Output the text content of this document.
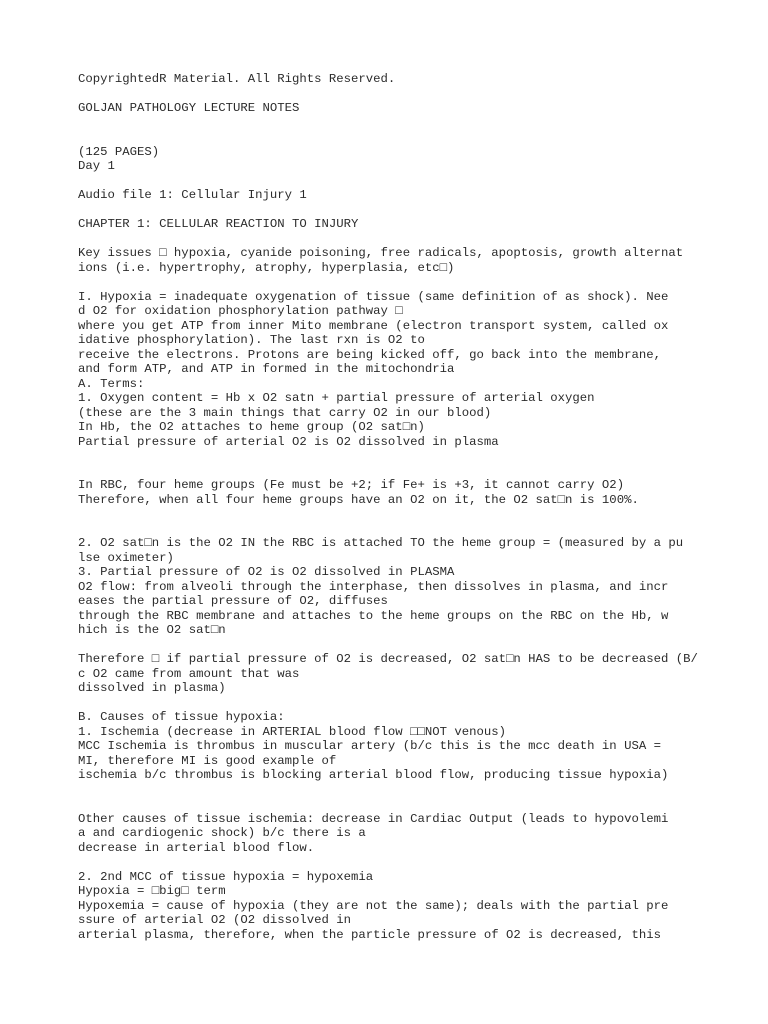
CopyrightedR Material. All Rights Reserved.
GOLJAN PATHOLOGY LECTURE NOTES
(125 PAGES)
Day 1
Audio file 1: Cellular Injury 1
CHAPTER 1: CELLULAR REACTION TO INJURY
Key issues □ hypoxia, cyanide poisoning, free radicals, apoptosis, growth alternat
ions (i.e. hypertrophy, atrophy, hyperplasia, etc□)
I. Hypoxia = inadequate oxygenation of tissue (same definition of as shock). Nee
d O2 for oxidation phosphorylation pathway □
where you get ATP from inner Mito membrane (electron transport system, called ox
idative phosphorylation). The last rxn is O2 to
receive the electrons. Protons are being kicked off, go back into the membrane,
and form ATP, and ATP in formed in the mitochondria
A. Terms:
1. Oxygen content = Hb x O2 satn + partial pressure of arterial oxygen
(these are the 3 main things that carry O2 in our blood)
In Hb, the O2 attaches to heme group (O2 sat□n)
Partial pressure of arterial O2 is O2 dissolved in plasma
In RBC, four heme groups (Fe must be +2; if Fe+ is +3, it cannot carry O2)
Therefore, when all four heme groups have an O2 on it, the O2 sat□n is 100%.
2. O2 sat□n is the O2 IN the RBC is attached TO the heme group = (measured by a pu
lse oximeter)
3. Partial pressure of O2 is O2 dissolved in PLASMA
O2 flow: from alveoli through the interphase, then dissolves in plasma, and incr
eases the partial pressure of O2, diffuses
through the RBC membrane and attaches to the heme groups on the RBC on the Hb, w
hich is the O2 sat□n
Therefore □ if partial pressure of O2 is decreased, O2 sat□n HAS to be decreased (B/
c O2 came from amount that was
dissolved in plasma)
B. Causes of tissue hypoxia:
1. Ischemia (decrease in ARTERIAL blood flow □□NOT venous)
MCC Ischemia is thrombus in muscular artery (b/c this is the mcc death in USA =
MI, therefore MI is good example of
ischemia b/c thrombus is blocking arterial blood flow, producing tissue hypoxia)
Other causes of tissue ischemia: decrease in Cardiac Output (leads to hypovolemi
a and cardiogenic shock) b/c there is a
decrease in arterial blood flow.
2. 2nd MCC of tissue hypoxia = hypoxemia
Hypoxia = □big□ term
Hypoxemia = cause of hypoxia (they are not the same); deals with the partial pre
ssure of arterial O2 (O2 dissolved in
arterial plasma, therefore, when the particle pressure of O2 is decreased, this
